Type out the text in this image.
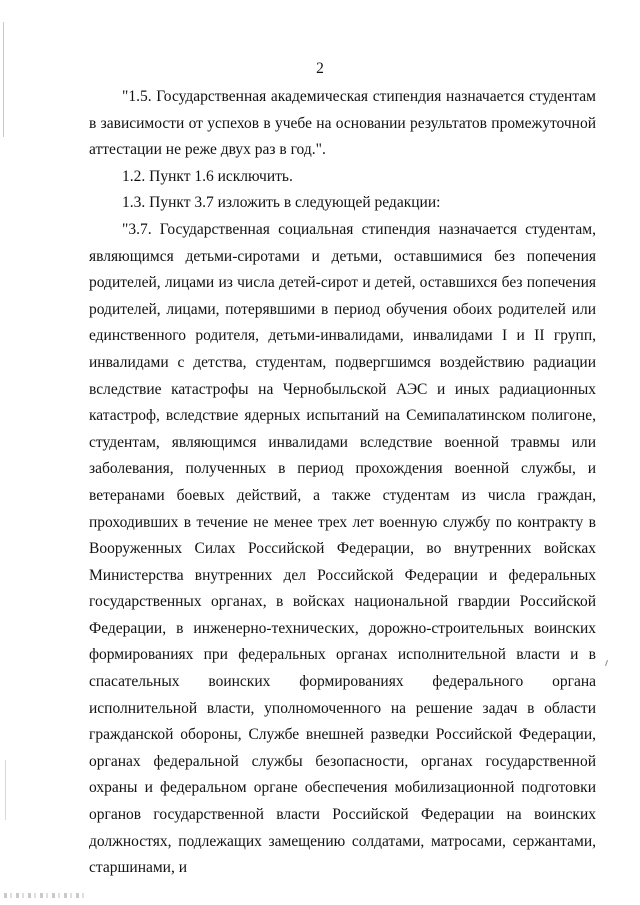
2

"1.5. Государственная академическая стипендия назначается студентам в зависимости от успехов в учебе на основании результатов промежуточной аттестации не реже двух раз в год.".

1.2. Пункт 1.6 исключить.

1.3. Пункт 3.7 изложить в следующей редакции:

"3.7. Государственная социальная стипендия назначается студентам, являющимся детьми-сиротами и детьми, оставшимися без попечения родителей, лицами из числа детей-сирот и детей, оставшихся без попечения родителей, лицами, потерявшими в период обучения обоих родителей или единственного родителя, детьми-инвалидами, инвалидами I и II групп, инвалидами с детства, студентам, подвергшимся воздействию радиации вследствие катастрофы на Чернобыльской АЭС и иных радиационных катастроф, вследствие ядерных испытаний на Семипалатинском полигоне, студентам, являющимся инвалидами вследствие военной травмы или заболевания, полученных в период прохождения военной службы, и ветеранами боевых действий, а также студентам из числа граждан, проходивших в течение не менее трех лет военную службу по контракту в Вооруженных Силах Российской Федерации, во внутренних войсках Министерства внутренних дел Российской Федерации и федеральных государственных органах, в войсках национальной гвардии Российской Федерации, в инженерно-технических, дорожно-строительных воинских формированиях при федеральных органах исполнительной власти и в спасательных воинских формированиях федерального органа исполнительной власти, уполномоченного на решение задач в области гражданской обороны, Службе внешней разведки Российской Федерации, органах федеральной службы безопасности, органах государственной охраны и федеральном органе обеспечения мобилизационной подготовки органов государственной власти Российской Федерации на воинских должностях, подлежащих замещению солдатами, матросами, сержантами, старшинами, и
